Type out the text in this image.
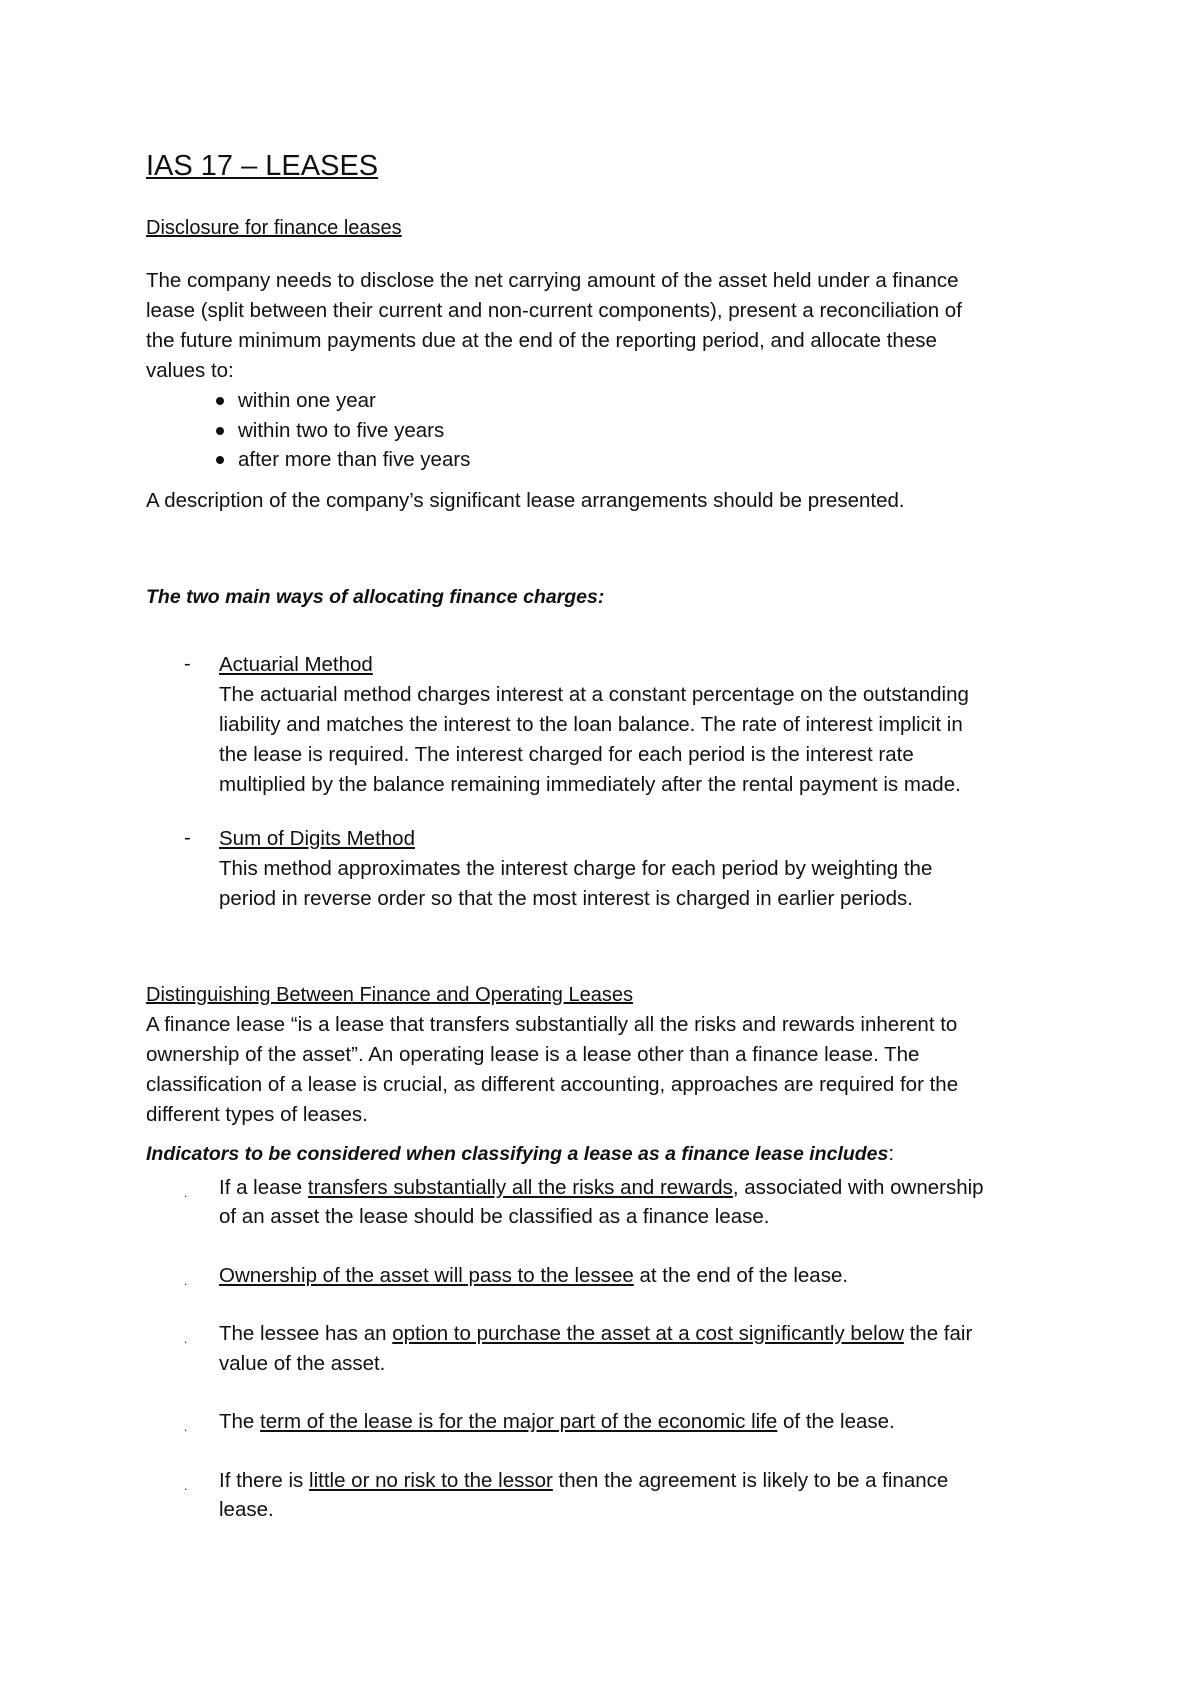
IAS 17 – LEASES
Disclosure for finance leases
The company needs to disclose the net carrying amount of the asset held under a finance
lease (split between their current and non-current components), present a reconciliation of
the future minimum payments due at the end of the reporting period, and allocate these
values to:
within one year
within two to five years
after more than five years

A description of the company’s significant lease arrangements should be presented.

The two main ways of allocating finance charges:
- Actuarial Method
The actuarial method charges interest at a constant percentage on the outstanding
liability and matches the interest to the loan balance. The rate of interest implicit in
the lease is required. The interest charged for each period is the interest rate
multiplied by the balance remaining immediately after the rental payment is made.
- Sum of Digits Method
This method approximates the interest charge for each period by weighting the
period in reverse order so that the most interest is charged in earlier periods.
Distinguishing Between Finance and Operating Leases
A finance lease “is a lease that transfers substantially all the risks and rewards inherent to
ownership of the asset”. An operating lease is a lease other than a finance lease. The
classification of a lease is crucial, as different accounting, approaches are required for the
different types of leases.
Indicators to be considered when classifying a lease as a finance lease includes:
. If a lease transfers substantially all the risks and rewards, associated with ownership
of an asset the lease should be classified as a finance lease.
. Ownership of the asset will pass to the lessee at the end of the lease.
. The lessee has an option to purchase the asset at a cost significantly below the fair
value of the asset.
. The term of the lease is for the major part of the economic life of the lease.
. If there is little or no risk to the lessor then the agreement is likely to be a finance
lease.
